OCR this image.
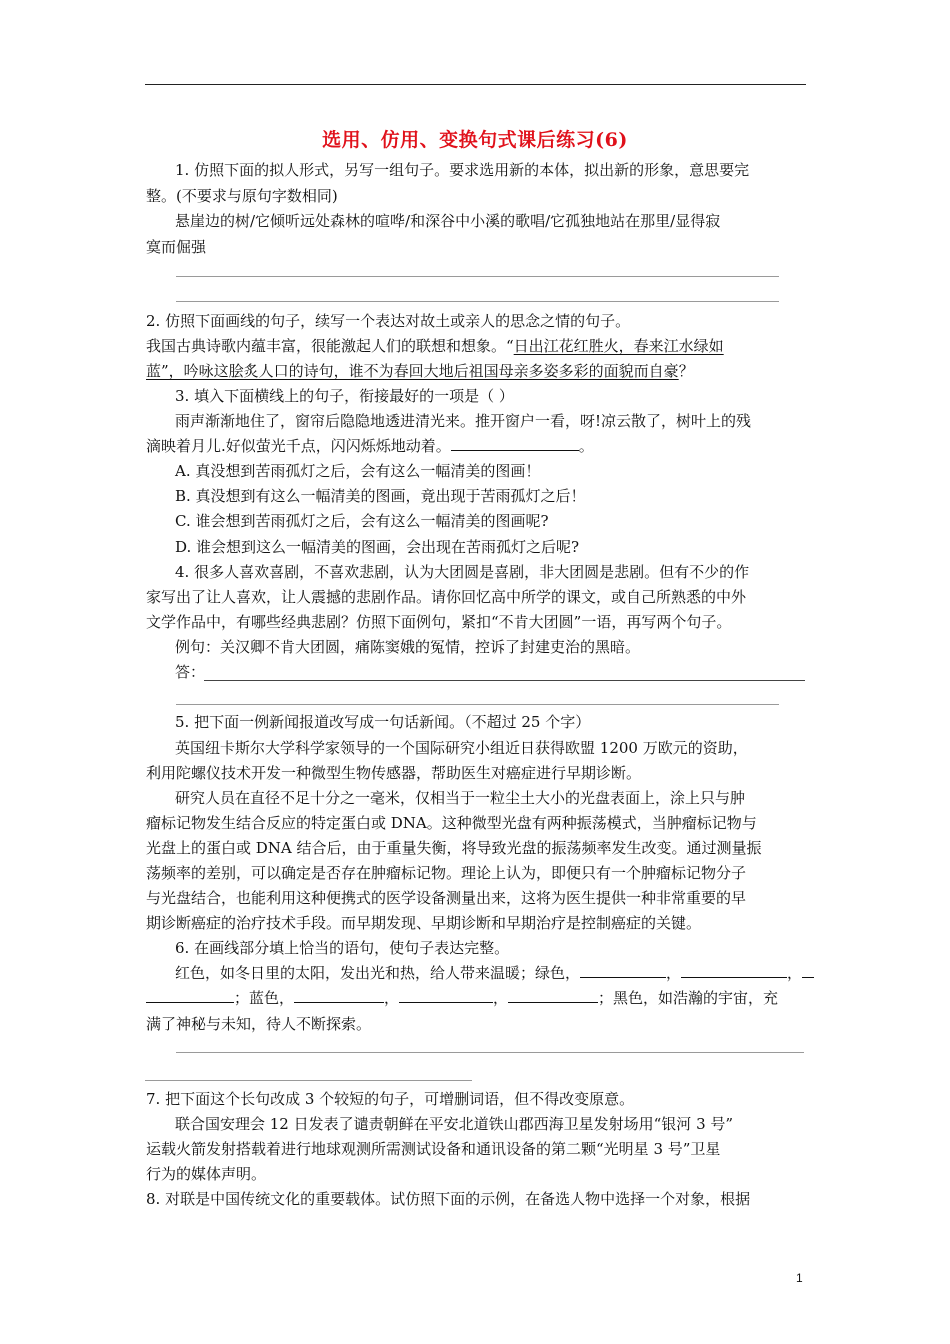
选用、仿用、变换句式课后练习(6)
1. 仿照下面的拟人形式，另写一组句子。要求选用新的本体，拟出新的形象，意思要完
整。(不要求与原句字数相同)
悬崖边的树/它倾听远处森林的喧哗/和深谷中小溪的歌唱/它孤独地站在那里/显得寂
寞而倔强
2. 仿照下面画线的句子，续写一个表达对故土或亲人的思念之情的句子。
我国古典诗歌内蕴丰富，很能激起人们的联想和想象。“日出江花红胜火，春来江水绿如
蓝”，吟咏这脍炙人口的诗句，谁不为春回大地后祖国母亲多姿多彩的面貌而自豪？
3. 填入下面横线上的句子，衔接最好的一项是（ ）
雨声渐渐地住了，窗帘后隐隐地透进清光来。推开窗户一看，呀!凉云散了，树叶上的残
滴映着月儿.好似萤光千点，闪闪烁烁地动着。	。
A. 真没想到苦雨孤灯之后，会有这么一幅清美的图画！
B. 真没想到有这么一幅清美的图画，竟出现于苦雨孤灯之后！
C. 谁会想到苦雨孤灯之后，会有这么一幅清美的图画呢?
D. 谁会想到这么一幅清美的图画，会出现在苦雨孤灯之后呢?
4. 很多人喜欢喜剧，不喜欢悲剧，认为大团圆是喜剧，非大团圆是悲剧。但有不少的作
家写出了让人喜欢，让人震撼的悲剧作品。请你回忆高中所学的课文，或自己所熟悉的中外
文学作品中，有哪些经典悲剧？仿照下面例句，紧扣“不肯大团圆”一语，再写两个句子。
例句：关汉卿不肯大团圆，痛陈窦娥的冤情，控诉了封建吏治的黑暗。
答：
5. 把下面一例新闻报道改写成一句话新闻。（不超过 25 个字）
英国纽卡斯尔大学科学家领导的一个国际研究小组近日获得欧盟 1200 万欧元的资助，
利用陀螺仪技术开发一种微型生物传感器，帮助医生对癌症进行早期诊断。
研究人员在直径不足十分之一毫米，仅相当于一粒尘土大小的光盘表面上，涂上只与肿
瘤标记物发生结合反应的特定蛋白或 DNA。这种微型光盘有两种振荡模式，当肿瘤标记物与
光盘上的蛋白或 DNA 结合后，由于重量失衡，将导致光盘的振荡频率发生改变。通过测量振
荡频率的差别，可以确定是否存在肿瘤标记物。理论上认为，即便只有一个肿瘤标记物分子
与光盘结合，也能利用这种便携式的医学设备测量出来，这将为医生提供一种非常重要的早
期诊断癌症的治疗技术手段。而早期发现、早期诊断和早期治疗是控制癌症的关键。
6. 在画线部分填上恰当的语句，使句子表达完整。
红色，如冬日里的太阳，发出光和热，给人带来温暖；绿色，	，	，
；蓝色，	，	，	；黑色，如浩瀚的宇宙，充
满了神秘与未知，待人不断探索。
7. 把下面这个长句改成 3 个较短的句子，可增删词语，但不得改变原意。
联合国安理会 12 日发表了谴责朝鲜在平安北道铁山郡西海卫星发射场用“银河 3 号”
运载火箭发射搭载着进行地球观测所需测试设备和通讯设备的第二颗“光明星 3 号”卫星
行为的媒体声明。
8. 对联是中国传统文化的重要载体。试仿照下面的示例，在备选人物中选择一个对象，根据
1
